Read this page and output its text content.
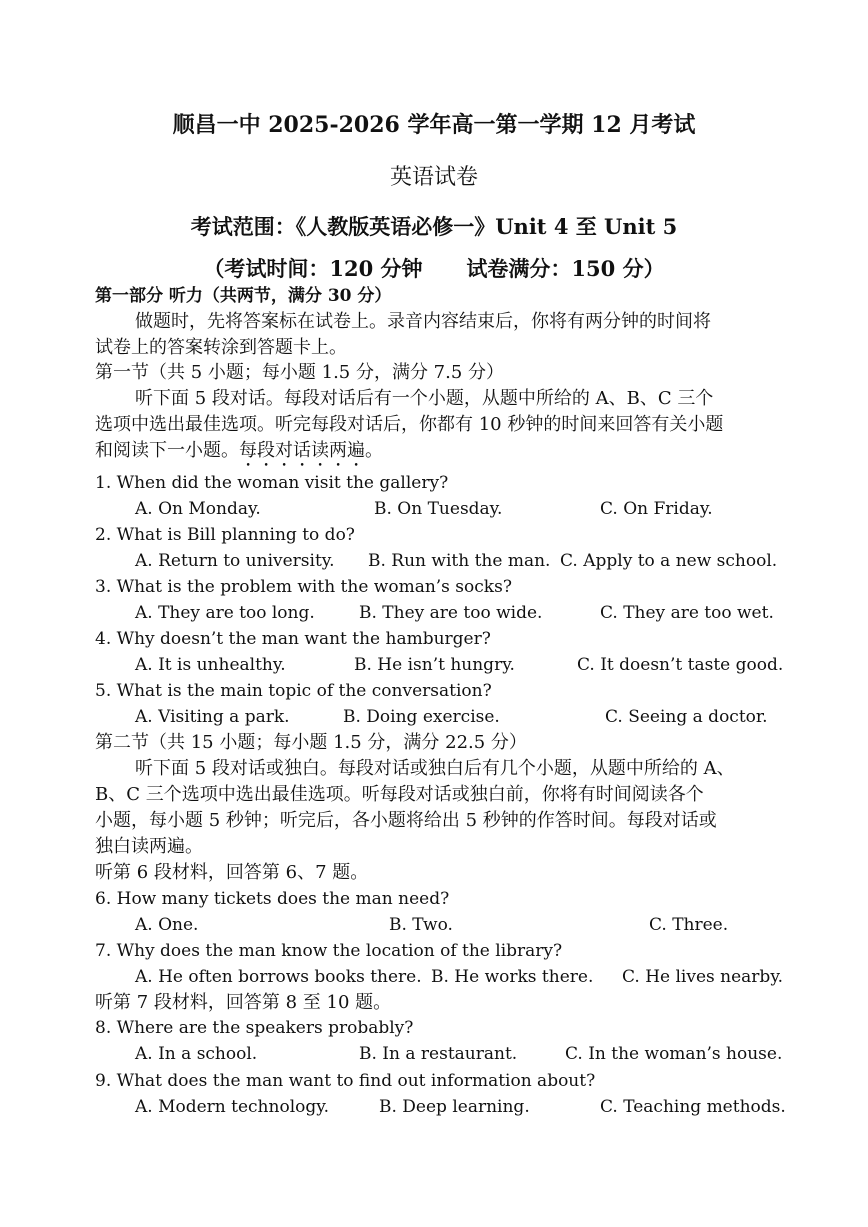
顺昌一中 2025-2026 学年高一第一学期 12 月考试
英语试卷
考试范围：《人教版英语必修一》Unit 4 至 Unit 5
（考试时间：120 分钟      试卷满分：150 分）
第一部分 听力（共两节，满分 30 分）
做题时，先将答案标在试卷上。录音内容结束后，你将有两分钟的时间将
试卷上的答案转涂到答题卡上。
第一节（共 5 小题；每小题 1.5 分，满分 7.5 分）
听下面 5 段对话。每段对话后有一个小题，从题中所给的 A、B、C 三个
选项中选出最佳选项。听完每段对话后，你都有 10 秒钟的时间来回答有关小题
和阅读下一小题。每段对话读两遍。
1. When did the woman visit the gallery?
A. On Monday.	B. On Tuesday.	C. On Friday.
2. What is Bill planning to do?
A. Return to university. B. Run with the man. C. Apply to a new school.
3. What is the problem with the woman’s socks?
A. They are too long.	B. They are too wide.	C. They are too wet.
4. Why doesn’t the man want the hamburger?
A. It is unhealthy.	B. He isn’t hungry.	C. It doesn’t taste good.
5. What is the main topic of the conversation?
A. Visiting a park.	B. Doing exercise.	C. Seeing a doctor.
第二节（共 15 小题；每小题 1.5 分，满分 22.5 分）
听下面 5 段对话或独白。每段对话或独白后有几个小题，从题中所给的 A、
B、C 三个选项中选出最佳选项。听每段对话或独白前，你将有时间阅读各个
小题，每小题 5 秒钟；听完后，各小题将给出 5 秒钟的作答时间。每段对话或
独白读两遍。
听第 6 段材料，回答第 6、7 题。
6. How many tickets does the man need?
A. One.	B. Two.	C. Three.
7. Why does the man know the location of the library?
A. He often borrows books there. B. He works there. C. He lives nearby.
听第 7 段材料，回答第 8 至 10 题。
8. Where are the speakers probably?
A. In a school.	B. In a restaurant.	C. In the woman’s house.
9. What does the man want to find out information about?
A. Modern technology.	B. Deep learning.	C. Teaching methods.
